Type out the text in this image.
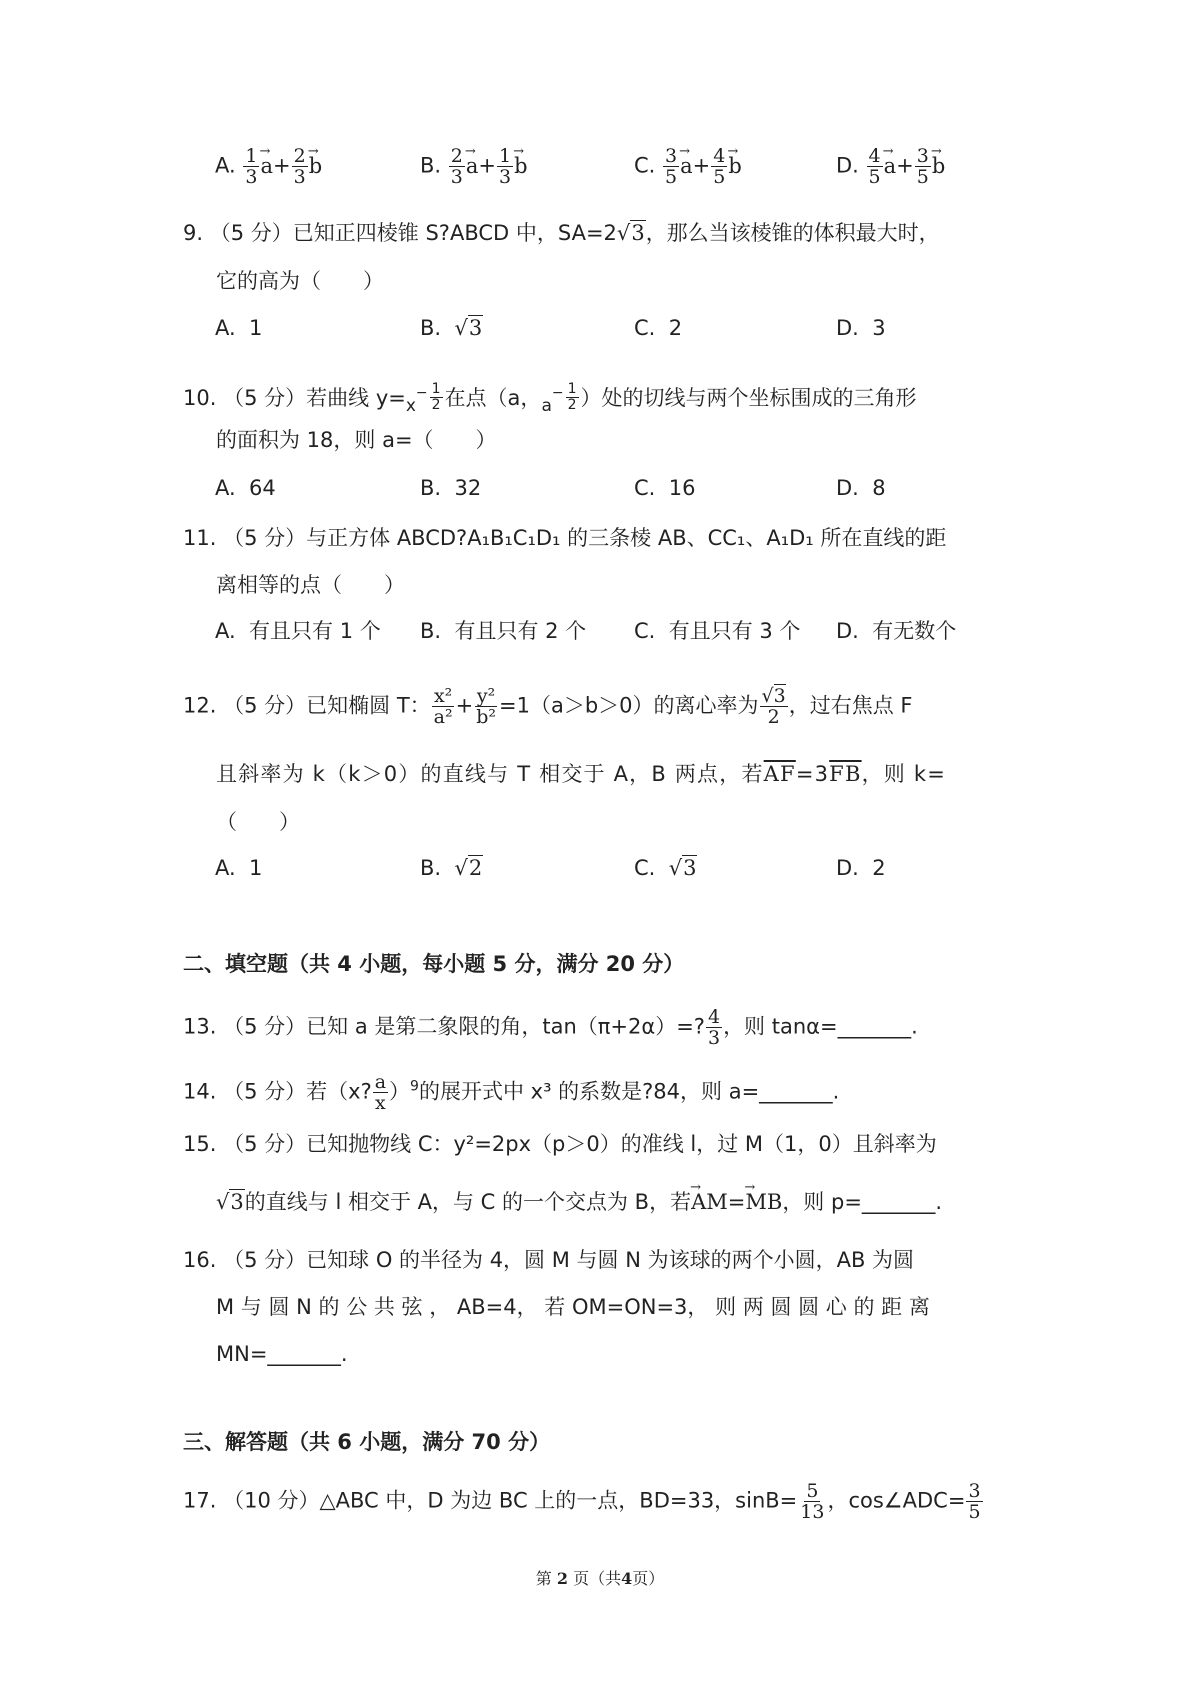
A. $\frac{1}{3} \to a+ \frac{2}{3} \to b$	B. $\frac{2}{3} \to a+ \frac{1}{3} \to b$	C. $\frac{3}{5} \to a+ \frac{4}{5} \to b$	D. $\frac{4}{5} \to a+ \frac{3}{5} \to b$
9. （5 分）已知正四棱锥 S?ABCD 中，SA=2√3，那么当该棱锥的体积最大时，
它的高为（　　）
A. 1	B. √3	C. 2	D. 3
10. （5 分）若曲线 $y=_x^- \frac{1}{2}$ 在点（a，$_a^- \frac{1}{2}$ ）处的切线与两个坐标围成的三角形
的面积为 18，则 a=（　　）
A. 64	B. 32	C. 16	D. 8
11. （5 分）与正方体 ABCD?A₁B₁C₁D₁ 的三条棱 AB、CC₁、A₁D₁ 所在直线的距
离相等的点（　　）
A. 有且只有 1 个 B. 有且只有 2 个 C. 有且只有 3 个 D. 有无数个
12. （5 分）已知椭圆 T： $\frac{\text{x²}}{\text{a²}} + \frac{\text{y²}}{\text{b²}} =1(a>b>0)$的离心率为 $\frac{√3}{2}$ ，过右焦点 F
且斜率为 k（k＞0）的直线与 T 相交于 A，B 两点，若$\overline{AF}=3\overline{FB}$，则 k=
（　　）
A. 1	B. √2	C. √3	D. 2
二、填空题（共 4 小题，每小题 5 分，满分 20 分）
13. （5 分）已知 a 是第二象限的角，tan（π+2α）=? $\frac{4}{3}$ ，则 tanα=_______.
14. （5 分）若（x? $\frac{a}{x} )^9$的展开式中 x³ 的系数是?84，则 a=_______.
15. （5 分）已知抛物线 C：y²=2px（p＞0）的准线 l，过 M（1，0）且斜率为
√3的直线与 l 相交于 A，与 C 的一个交点为 B，若→ AM=→ MB，则 p=_______.
16. （5 分）已知球 O 的半径为 4，圆 M 与圆 N 为该球的两个小圆，AB 为圆
M 与 圆 N 的 公 共 弦 ， AB=4， 若 OM=ON=3， 则 两 圆 圆 心 的 距 离
MN=_______.
三、解答题（共 6 小题，满分 70 分）
17. （10 分）△ABC 中，D 为边 BC 上的一点，BD=33，$\sin B= \frac{5}{13}$ ，cos∠ADC= $\frac{3}{5}$
第 2 页（共4页）
